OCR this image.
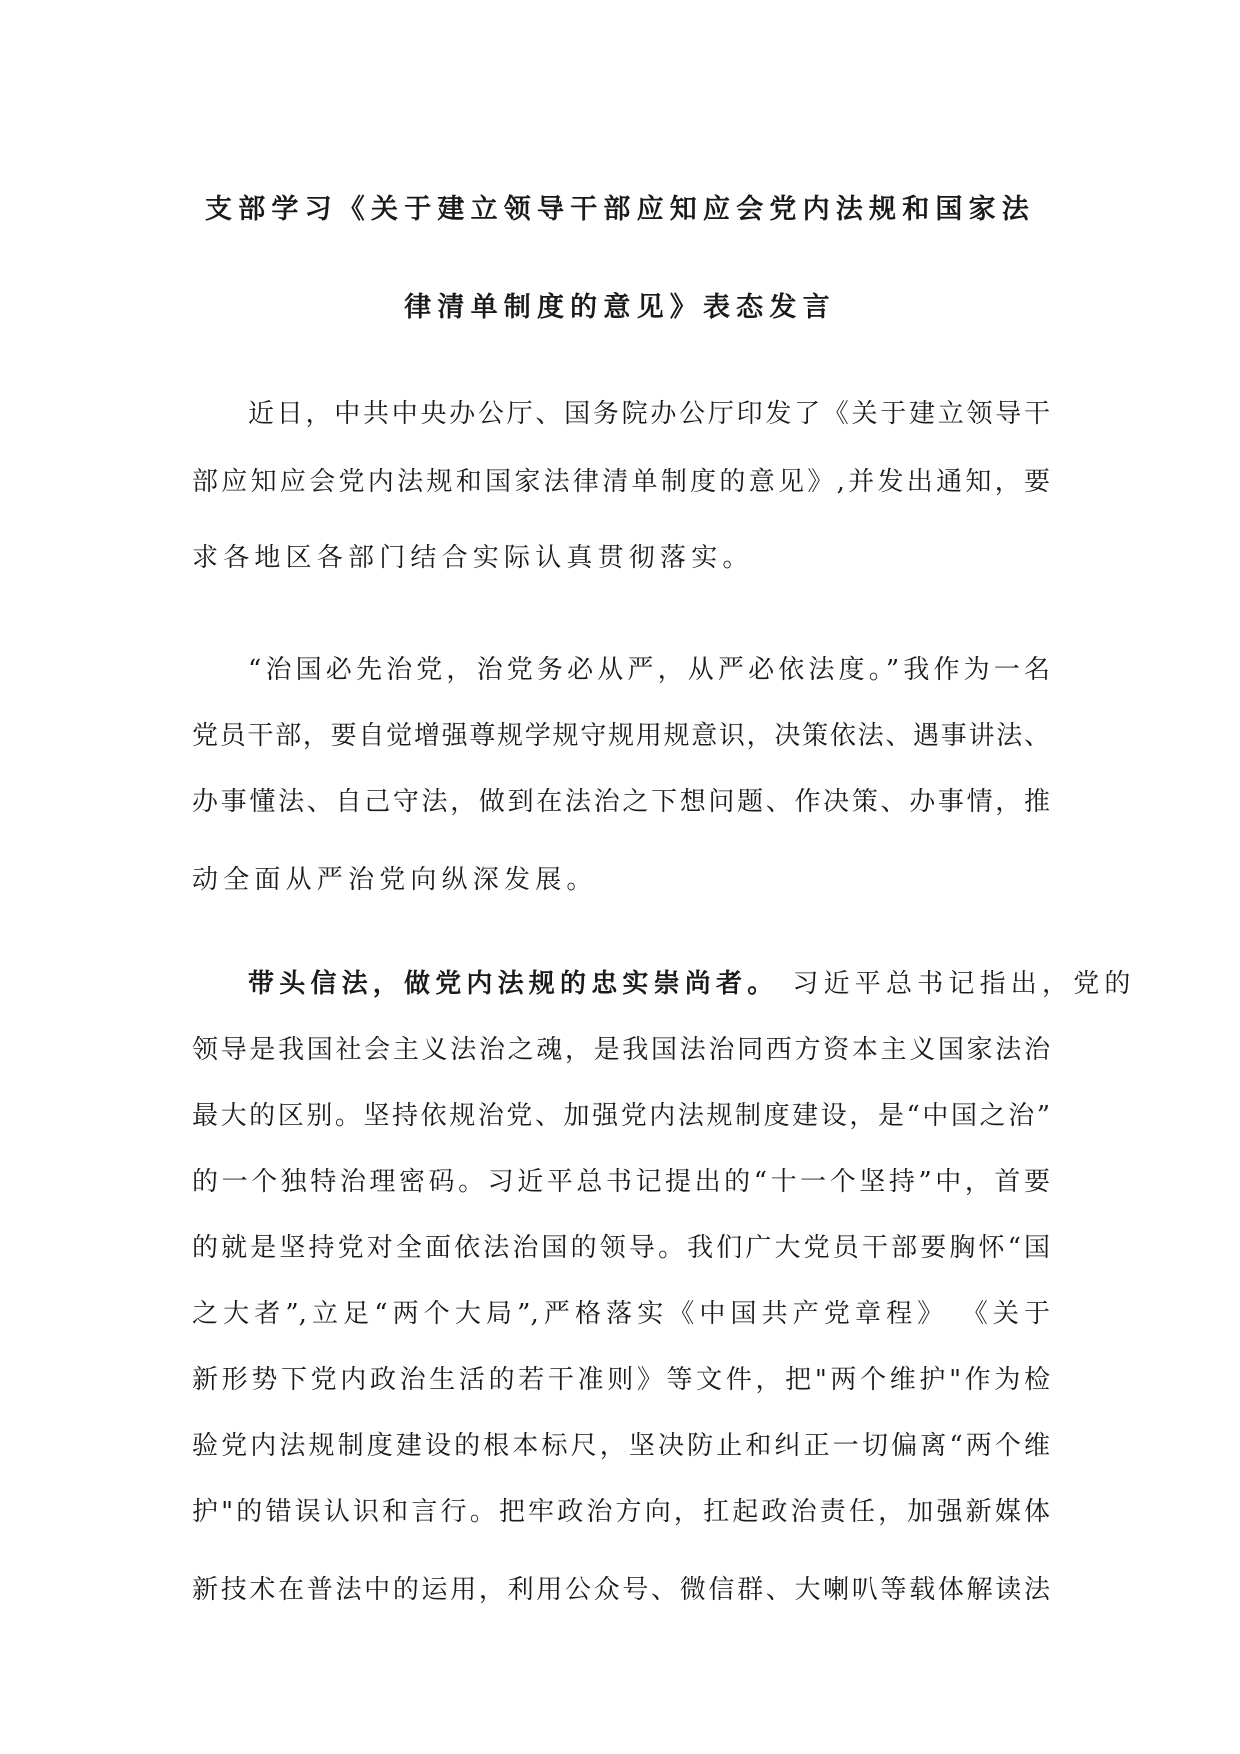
支部学习《关于建立领导干部应知应会党内法规和国家法
律清单制度的意见》表态发言
近日，中共中央办公厅、国务院办公厅印发了《关于建立领导干
部应知应会党内法规和国家法律清单制度的意见》,并发出通知，要
求各地区各部门结合实际认真贯彻落实。
“治国必先治党，治党务必从严，从严必依法度。”我作为一名
党员干部，要自觉增强尊规学规守规用规意识，决策依法、遇事讲法、
办事懂法、自己守法，做到在法治之下想问题、作决策、办事情，推
动全面从严治党向纵深发展。
带头信法，做党内法规的忠实崇尚者。 习近平总书记指出，党的
领导是我国社会主义法治之魂，是我国法治同西方资本主义国家法治
最大的区别。坚持依规治党、加强党内法规制度建设，是“中国之治”
的一个独特治理密码。习近平总书记提出的“十一个坚持”中，首要
的就是坚持党对全面依法治国的领导。我们广大党员干部要胸怀“国
之大者”,立足“两个大局”,严格落实《中国共产党章程》 《关于
新形势下党内政治生活的若干准则》等文件，把"两个维护"作为检
验党内法规制度建设的根本标尺，坚决防止和纠正一切偏离“两个维
护"的错误认识和言行。把牢政治方向，扛起政治责任，加强新媒体
新技术在普法中的运用，利用公众号、微信群、大喇叭等载体解读法
